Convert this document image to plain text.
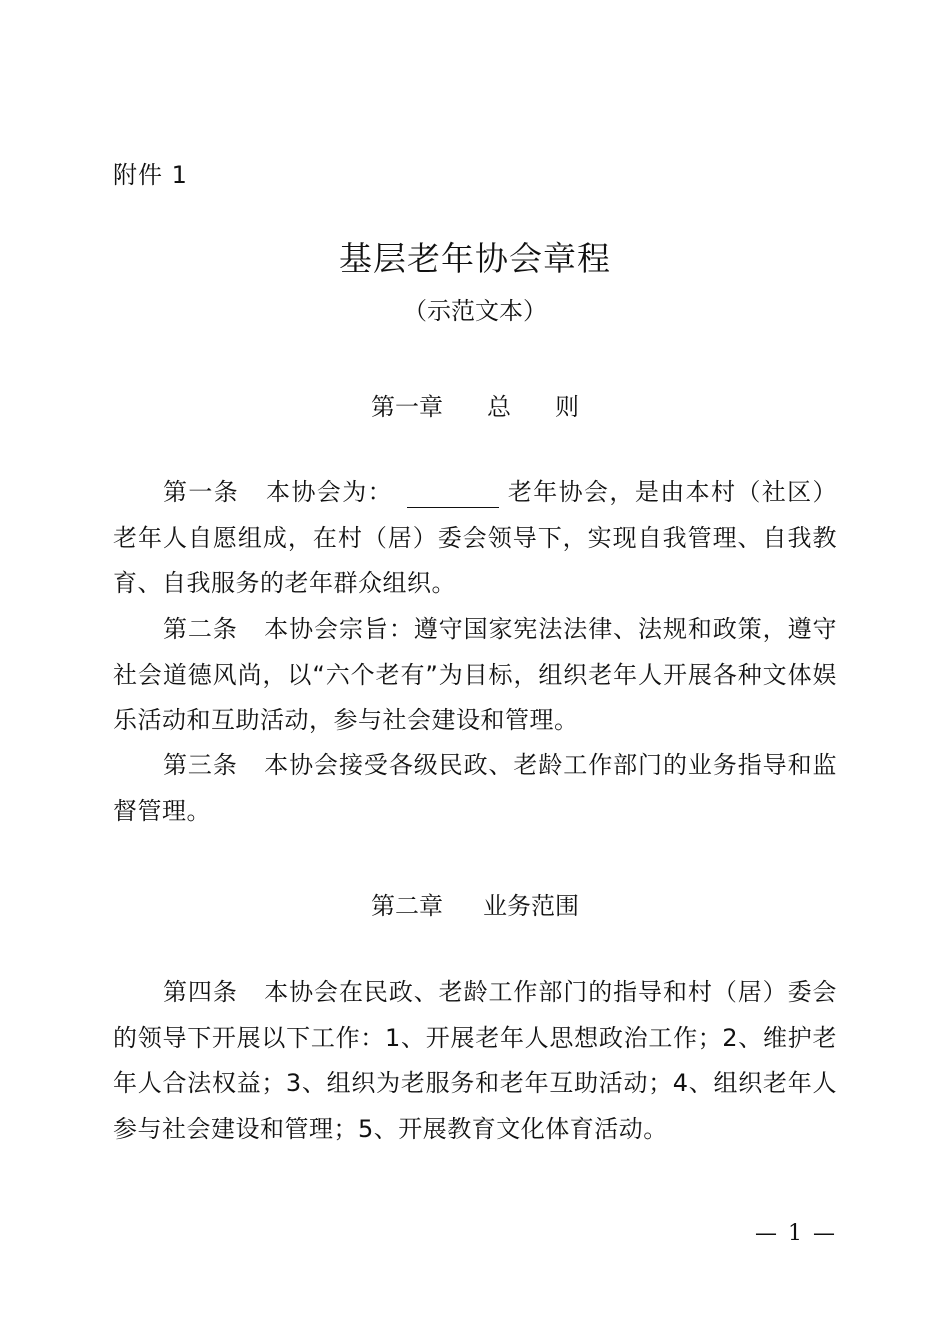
附件 1
基层老年协会章程
（示范文本）
第一章 总 则
第一条 本协会为：	老年协会，是由本村（社区）老年人自愿组成，在村（居）委会领导下，实现自我管理、自我教育、自我服务的老年群众组织。
第二条 本协会宗旨：遵守国家宪法法律、法规和政策，遵守社会道德风尚，以“六个老有”为目标，组织老年人开展各种文体娱乐活动和互助活动，参与社会建设和管理。
第三条 本协会接受各级民政、老龄工作部门的业务指导和监督管理。
第二章 业务范围
第四条 本协会在民政、老龄工作部门的指导和村（居）委会的领导下开展以下工作：1、开展老年人思想政治工作；2、维护老年人合法权益；3、组织为老服务和老年互助活动；4、组织老年人参与社会建设和管理；5、开展教育文化体育活动。
— 1 —
